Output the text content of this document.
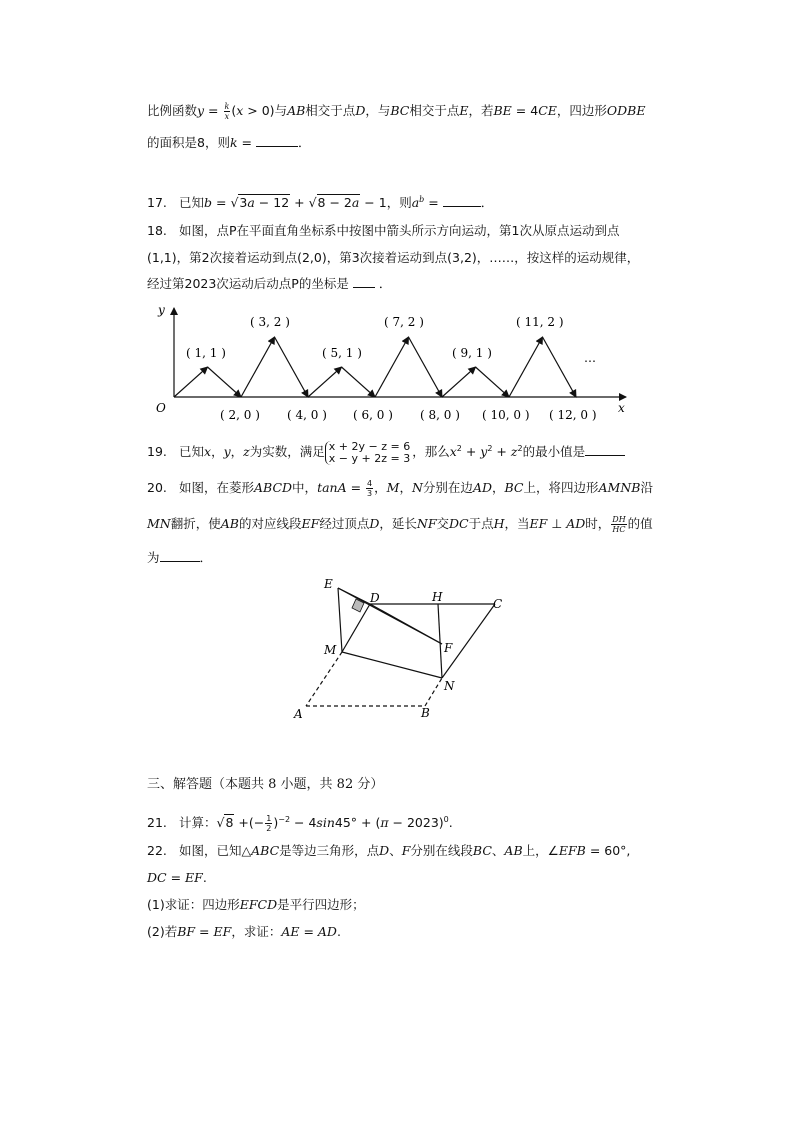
比例函数$y = \frac{k}{x} (x > 0)$与AB相交于点D，与BC相交于点E，若BE = 4CE，四边形ODBE
的面积是8，则k =	．
17. 已知b = √3a − 12 + √8 − 2a − 1，则$a^b$ =	．
18. 如图，点P在平面直角坐标系中按图中箭头所示方向运动，第1次从原点运动到点
(1,1)，第2次接着运动到点(2,0)，第3次接着运动到点(3,2)，……，按这样的运动规律，
经过第2023次运动后动点P的坐标是 ．
y
x
O
( 1, 1 )
( 3, 2 )
( 5, 1 )
( 7, 2 )
( 9, 1 )
( 11, 2 )
…
( 2, 0 ) ( 4, 0 ) ( 6, 0 ) ( 8, 0 ) ( 10, 0 ) ( 12, 0 )
19. 已知x，y，z为实数，满足 x + 2y − z = 6
x − y + 2z = 3 ，那么$x^2 + y^2 + z^2$的最小值是
20. 如图，在菱形ABCD中，$\tan A = \frac{4}{3}$ ，M，N分别在边AD，BC上，将四边形AMNB沿
MN翻折，使AB的对应线段EF经过顶点D，延长NF交DC于点H，当EF ⊥ AD时， $\frac{DH}{HC}$ 的值
为	．
E
D	H	C
M	F
N
A	B
三、解答题（本题共 8 小题，共 82 分）
21. 计算：√8 +(− $\frac{1}{2} )^{-2} - 4\sin 45^\circ + (\pi - 2023)^0$.
22. 如图，已知△ABC是等边三角形，点D、F分别在线段BC、AB上，∠EFB = 60°,
DC = EF.
(1)求证：四边形EFCD是平行四边形；
(2)若BF = EF，求证：AE = AD.
